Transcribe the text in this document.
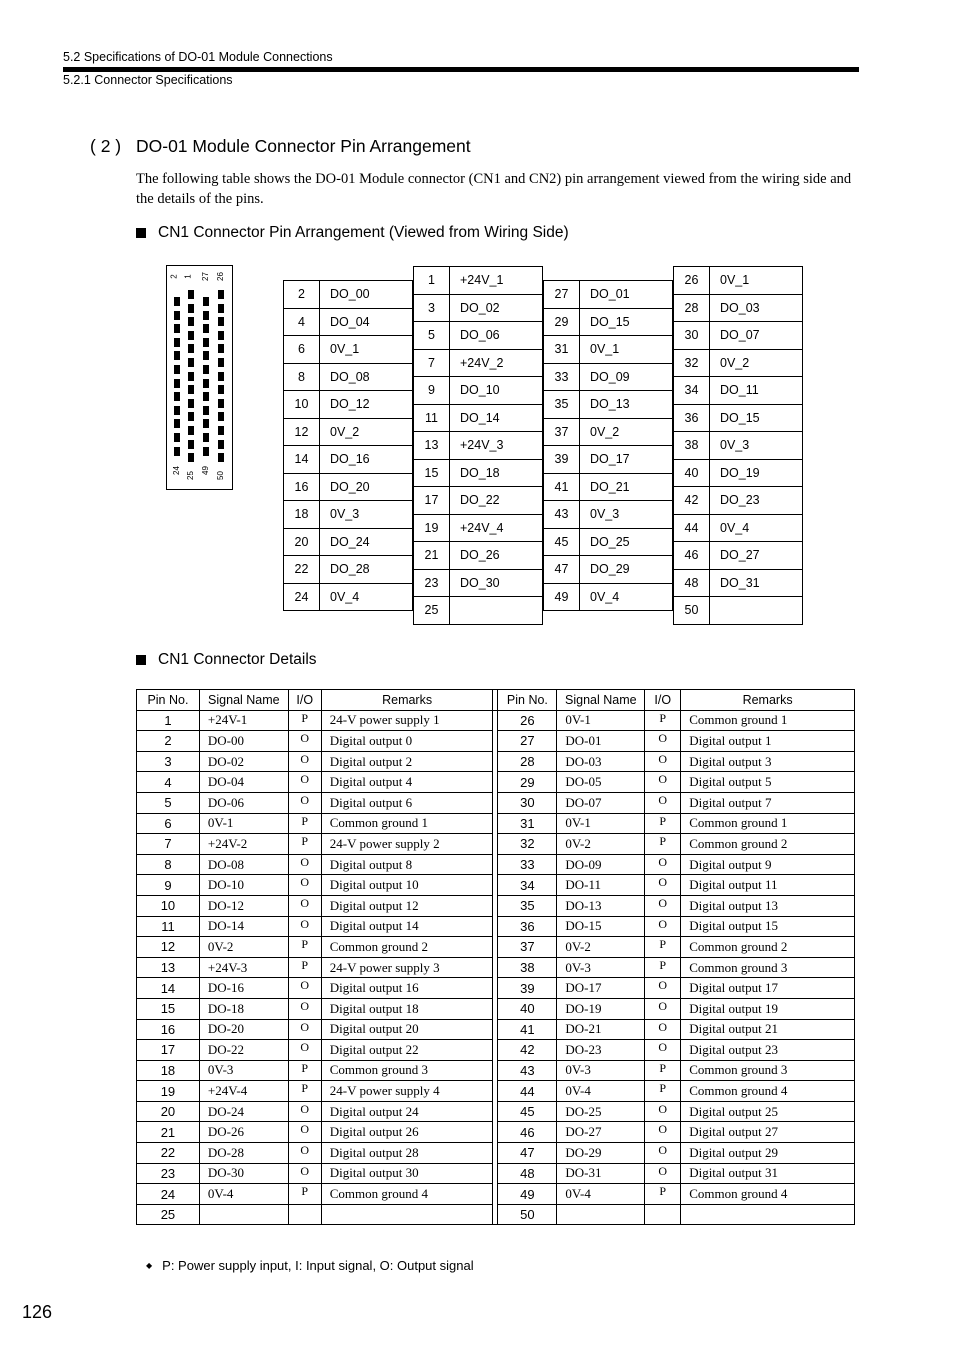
5.2 Specifications of DO-01 Module Connections
5.2.1 Connector Specifications
( 2 ) DO-01 Module Connector Pin Arrangement
The following table shows the DO-01 Module connector (CN1 and CN2) pin arrangement viewed from the wiring side and the details of the pins.
CN1 Connector Pin Arrangement (Viewed from Wiring Side)
2 1 27 26
24
25
49
50
2	DO_00
4	DO_04
6	0V_1
8	DO_08
10	DO_12
12	0V_2
14	DO_16
16	DO_20
18	0V_3
20	DO_24
22	DO_28
24	0V_4
1	+24V_1
3	DO_02
5	DO_06
7	+24V_2
9	DO_10
11	DO_14
13	+24V_3
15	DO_18
17	DO_22
19	+24V_4
21	DO_26
23	DO_30
25
27	DO_01
29	DO_15
31	0V_1
33	DO_09
35	DO_13
37	0V_2
39	DO_17
41	DO_21
43	0V_3
45	DO_25
47	DO_29
49	0V_4
26	0V_1
28	DO_03
30	DO_07
32	0V_2
34	DO_11
36	DO_15
38	0V_3
40	DO_19
42	DO_23
44	0V_4
46	DO_27
48	DO_31
50
CN1 Connector Details
Pin No.	Signal Name	I/O	Remarks		Pin No.	Signal Name	I/O	Remarks
1	+24V-1	P	24-V power supply 1		26	0V-1	P	Common ground 1
2	DO-00	O	Digital output 0		27	DO-01	O	Digital output 1
3	DO-02	O	Digital output 2		28	DO-03	O	Digital output 3
4	DO-04	O	Digital output 4		29	DO-05	O	Digital output 5
5	DO-06	O	Digital output 6		30	DO-07	O	Digital output 7
6	0V-1	P	Common ground 1		31	0V-1	P	Common ground 1
7	+24V-2	P	24-V power supply 2		32	0V-2	P	Common ground 2
8	DO-08	O	Digital output 8		33	DO-09	O	Digital output 9
9	DO-10	O	Digital output 10		34	DO-11	O	Digital output 11
10	DO-12	O	Digital output 12		35	DO-13	O	Digital output 13
11	DO-14	O	Digital output 14		36	DO-15	O	Digital output 15
12	0V-2	P	Common ground 2		37	0V-2	P	Common ground 2
13	+24V-3	P	24-V power supply 3		38	0V-3	P	Common ground 3
14	DO-16	O	Digital output 16		39	DO-17	O	Digital output 17
15	DO-18	O	Digital output 18		40	DO-19	O	Digital output 19
16	DO-20	O	Digital output 20		41	DO-21	O	Digital output 21
17	DO-22	O	Digital output 22		42	DO-23	O	Digital output 23
18	0V-3	P	Common ground 3		43	0V-3	P	Common ground 3
19	+24V-4	P	24-V power supply 4		44	0V-4	P	Common ground 4
20	DO-24	O	Digital output 24		45	DO-25	O	Digital output 25
21	DO-26	O	Digital output 26		46	DO-27	O	Digital output 27
22	DO-28	O	Digital output 28		47	DO-29	O	Digital output 29
23	DO-30	O	Digital output 30		48	DO-31	O	Digital output 31
24	0V-4	P	Common ground 4		49	0V-4	P	Common ground 4
25					50			
◆ P: Power supply input, I: Input signal, O: Output signal
126
